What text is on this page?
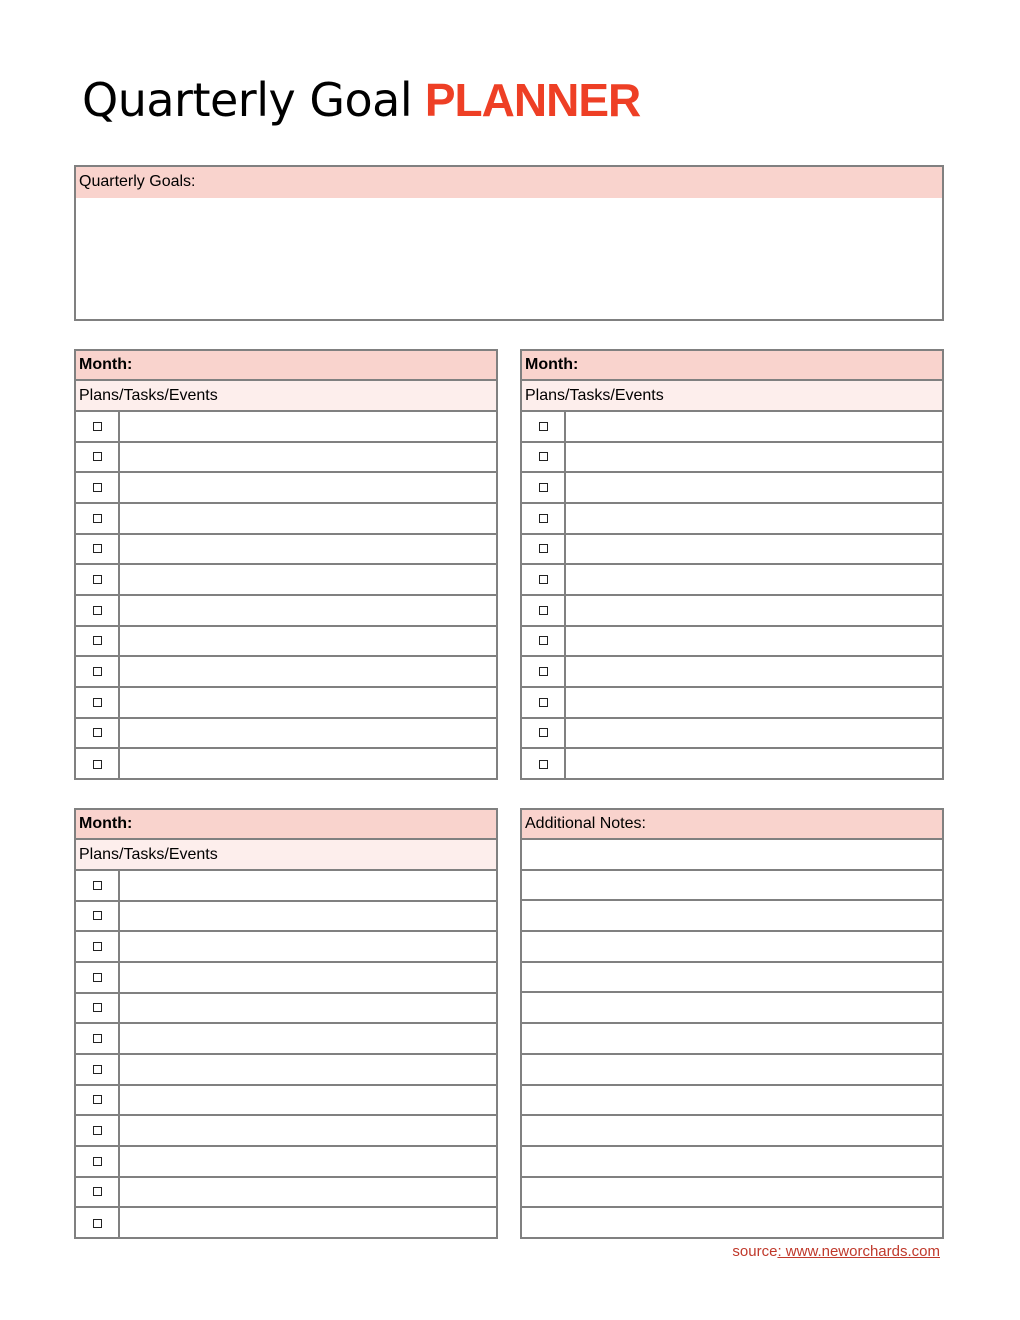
Quarterly Goal PLANNER
Quarterly Goals:
Month:
Plans/Tasks/Events
Month:
Plans/Tasks/Events
Month:
Plans/Tasks/Events
Additional Notes:
source: www.neworchards.com
